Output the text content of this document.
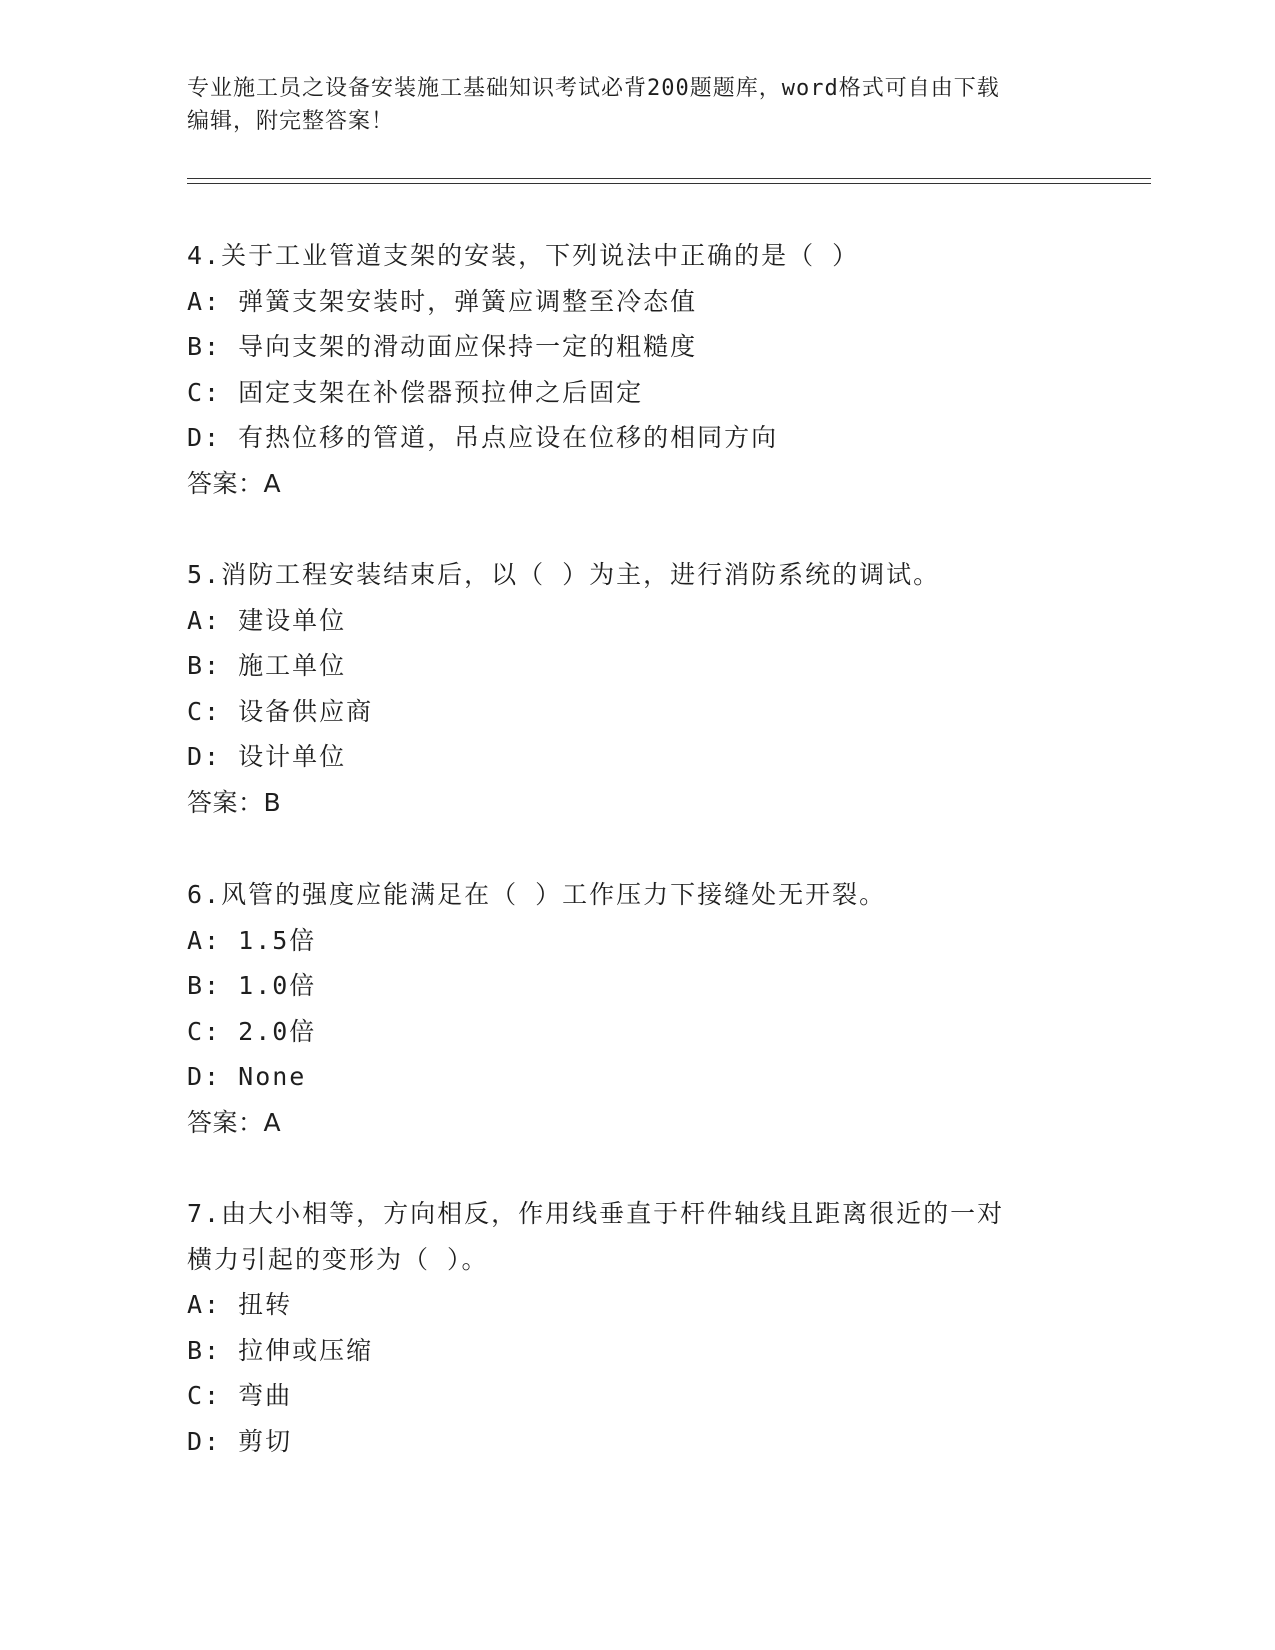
专业施工员之设备安装施工基础知识考试必背200题题库，word格式可自由下载
编辑，附完整答案！
4.关于工业管道支架的安装，下列说法中正确的是（ ）
A: 弹簧支架安装时，弹簧应调整至冷态值
B: 导向支架的滑动面应保持一定的粗糙度
C: 固定支架在补偿器预拉伸之后固定
D: 有热位移的管道，吊点应设在位移的相同方向
答案：A
5.消防工程安装结束后，以（ ）为主，进行消防系统的调试。
A: 建设单位
B: 施工单位
C: 设备供应商
D: 设计单位
答案：B
6.风管的强度应能满足在（ ）工作压力下接缝处无开裂。
A: 1.5倍
B: 1.0倍
C: 2.0倍
D: None
答案：A
7.由大小相等，方向相反，作用线垂直于杆件轴线且距离很近的一对
横力引起的变形为（ ）。
A: 扭转
B: 拉伸或压缩
C: 弯曲
D: 剪切
